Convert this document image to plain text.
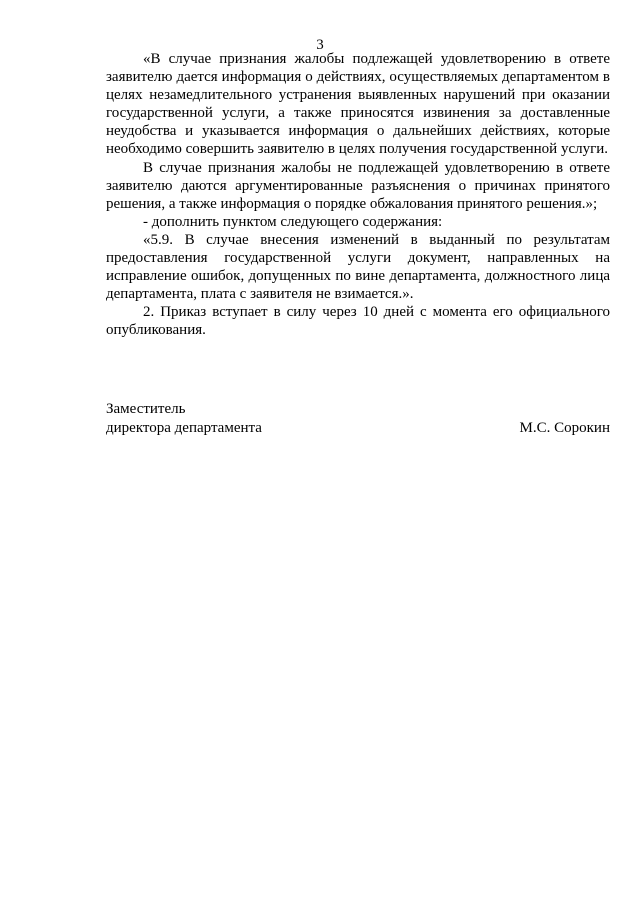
3

«В случае признания жалобы подлежащей удовлетворению в ответе заявителю дается информация о действиях, осуществляемых департаментом в целях незамедлительного устранения выявленных нарушений при оказании государственной услуги, а также приносятся извинения за доставленные неудобства и указывается информация о дальнейших действиях, которые необходимо совершить заявителю в целях получения государственной услуги.

В случае признания жалобы не подлежащей удовлетворению в ответе заявителю даются аргументированные разъяснения о причинах принятого решения, а также информация о порядке обжалования принятого решения.»;

- дополнить пунктом следующего содержания:

«5.9. В случае внесения изменений в выданный по результатам предоставления государственной услуги документ, направленных на исправление ошибок, допущенных по вине департамента, должностного лица департамента, плата с заявителя не взимается.».

2. Приказ вступает в силу через 10 дней с момента его официального опубликования.

Заместитель
директора департамента	М.С. Сорокин
